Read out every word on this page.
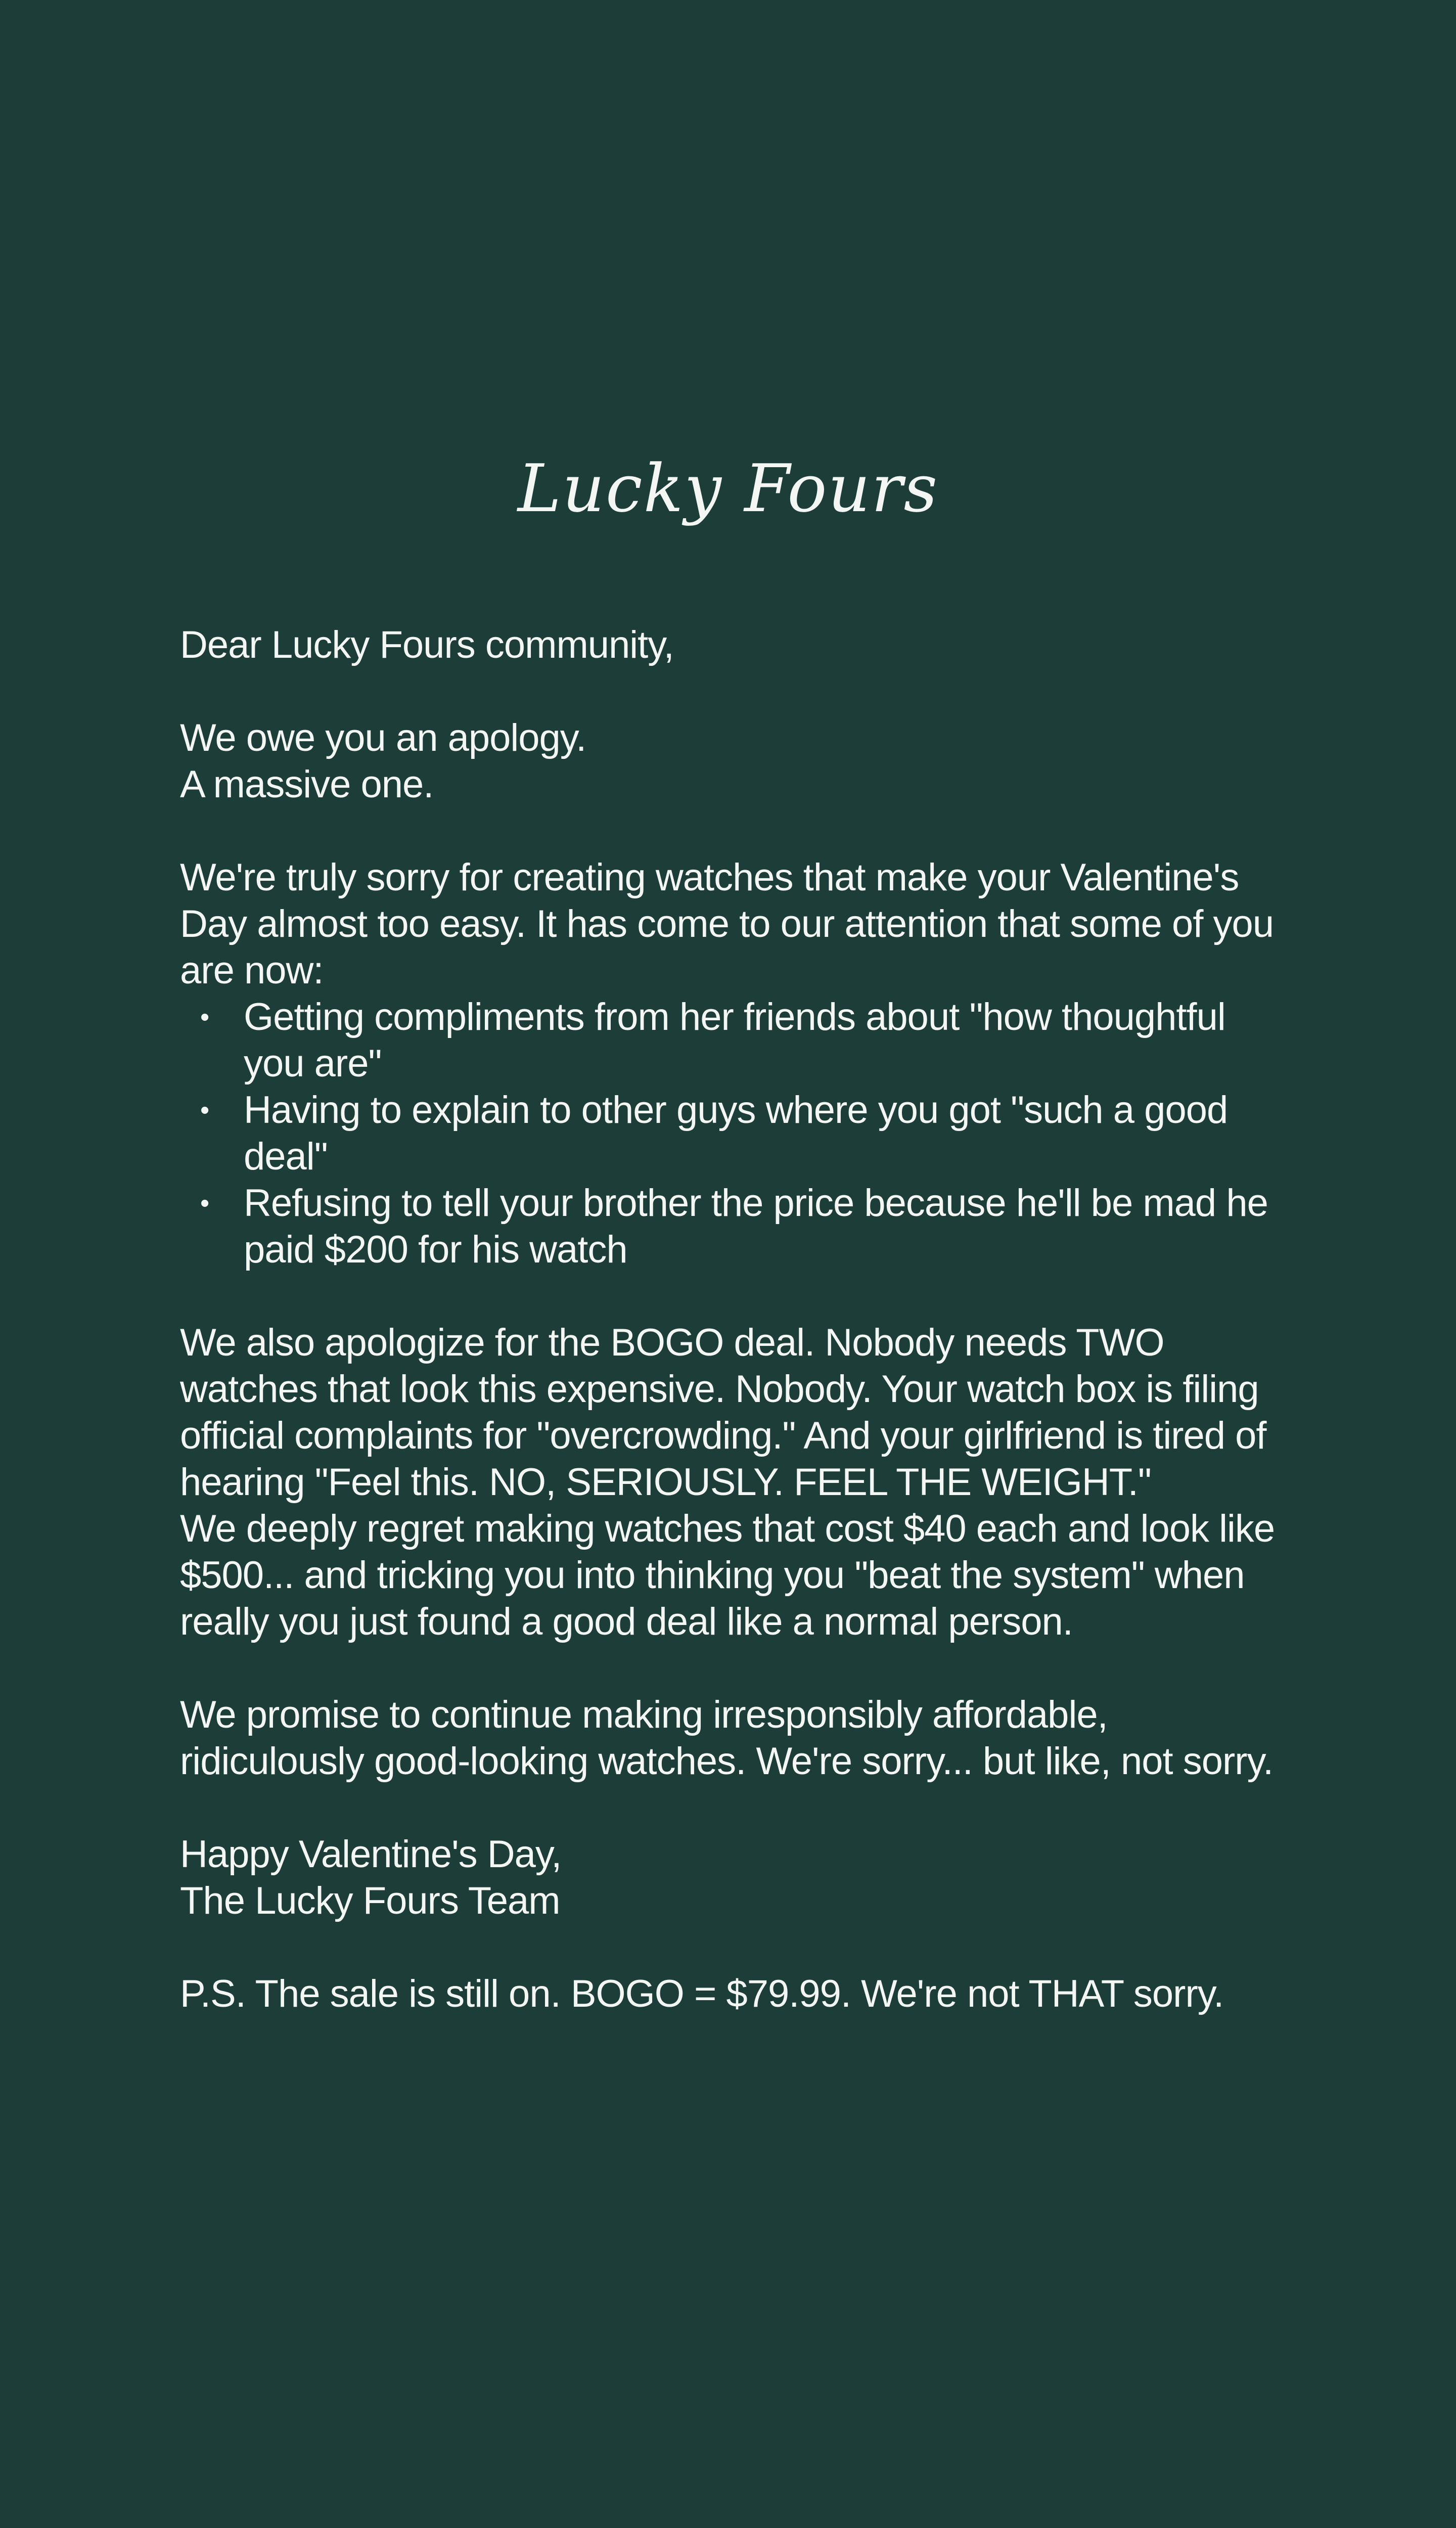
Lucky Fours

Dear Lucky Fours community,

We owe you an apology.
A massive one.

We're truly sorry for creating watches that make your Valentine's Day almost too easy. It has come to our attention that some of you are now:

• Getting compliments from her friends about "how thoughtful you are"
• Having to explain to other guys where you got "such a good deal"
• Refusing to tell your brother the price because he'll be mad he paid $200 for his watch

We also apologize for the BOGO deal. Nobody needs TWO watches that look this expensive. Nobody. Your watch box is filing official complaints for "overcrowding." And your girlfriend is tired of hearing "Feel this. NO, SERIOUSLY. FEEL THE WEIGHT."

We deeply regret making watches that cost $40 each and look like $500... and tricking you into thinking you "beat the system" when really you just found a good deal like a normal person.

We promise to continue making irresponsibly affordable, ridiculously good-looking watches. We're sorry... but like, not sorry.

Happy Valentine's Day,
The Lucky Fours Team

P.S. The sale is still on. BOGO = $79.99. We're not THAT sorry.
